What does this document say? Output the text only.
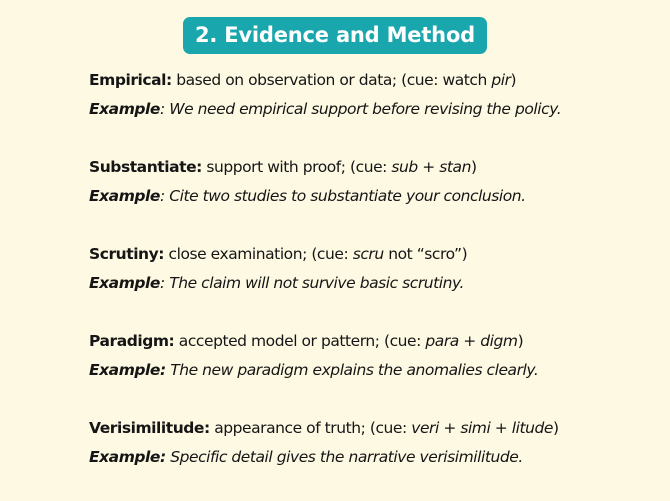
2. Evidence and Method
Empirical: based on observation or data; (cue: watch pir)
Example: We need empirical support before revising the policy.
Substantiate: support with proof; (cue: sub + stan)
Example: Cite two studies to substantiate your conclusion.
Scrutiny: close examination; (cue: scru not “scro”)
Example: The claim will not survive basic scrutiny.
Paradigm: accepted model or pattern; (cue: para + digm)
Example: The new paradigm explains the anomalies clearly.
Verisimilitude: appearance of truth; (cue: veri + simi + litude)
Example: Specific detail gives the narrative verisimilitude.
